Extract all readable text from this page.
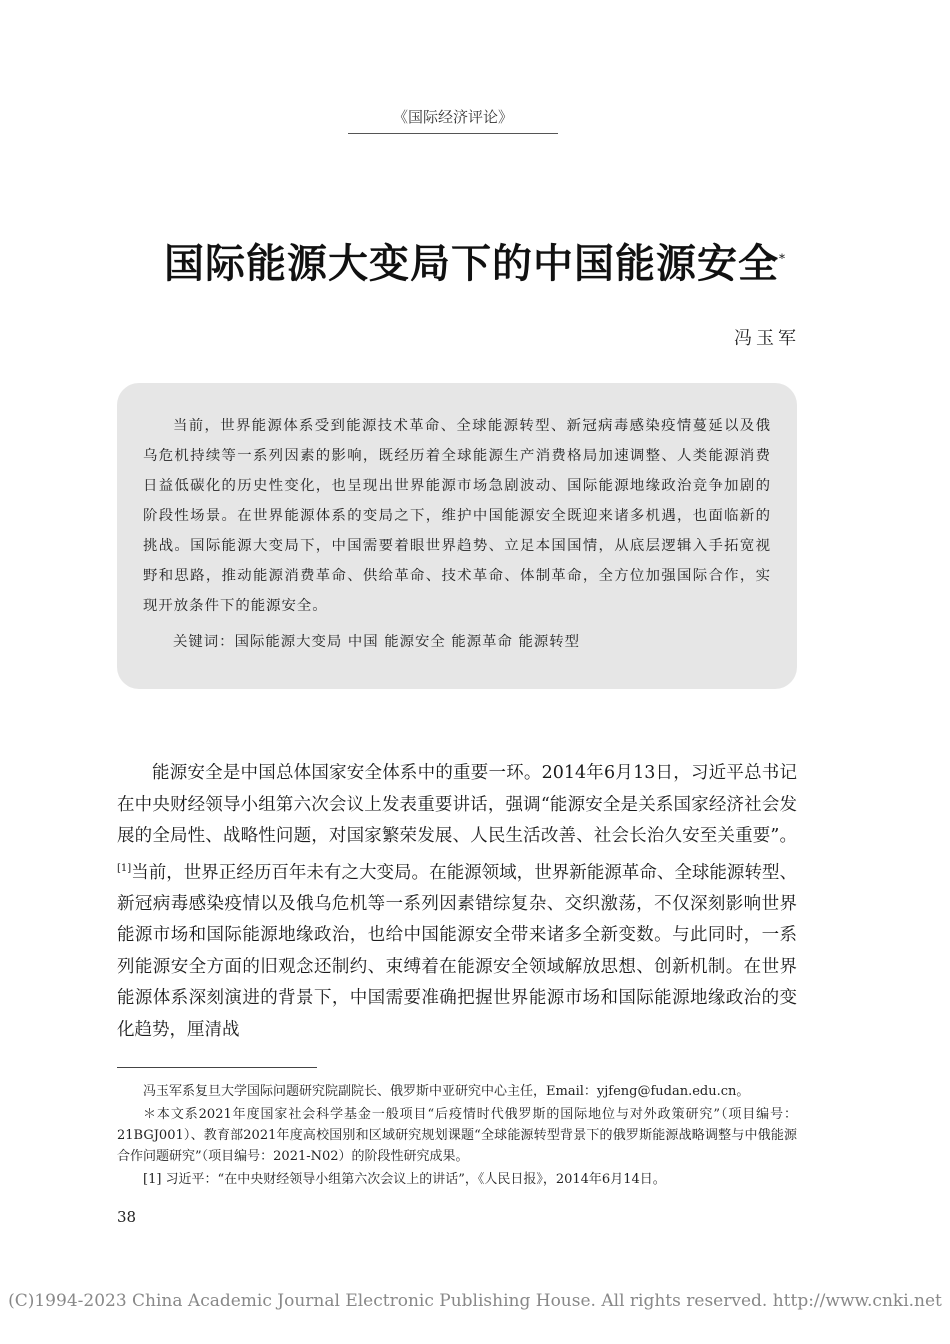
《国际经济评论》
国际能源大变局下的中国能源安全*
冯玉军

当前，世界能源体系受到能源技术革命、全球能源转型、新冠病毒感染疫情蔓延以及俄乌危机持续等一系列因素的影响，既经历着全球能源生产消费格局加速调整、人类能源消费日益低碳化的历史性变化，也呈现出世界能源市场急剧波动、国际能源地缘政治竞争加剧的阶段性场景。在世界能源体系的变局之下，维护中国能源安全既迎来诸多机遇，也面临新的挑战。国际能源大变局下，中国需要着眼世界趋势、立足本国国情，从底层逻辑入手拓宽视野和思路，推动能源消费革命、供给革命、技术革命、体制革命，全方位加强国际合作，实现开放条件下的能源安全。

关键词：国际能源大变局 中国 能源安全 能源革命 能源转型

能源安全是中国总体国家安全体系中的重要一环。2014年6月13日，习近平总书记在中央财经领导小组第六次会议上发表重要讲话，强调“能源安全是关系国家经济社会发展的全局性、战略性问题，对国家繁荣发展、人民生活改善、社会长治久安至关重要”。[1]当前，世界正经历百年未有之大变局。在能源领域，世界新能源革命、全球能源转型、新冠病毒感染疫情以及俄乌危机等一系列因素错综复杂、交织激荡，不仅深刻影响世界能源市场和国际能源地缘政治，也给中国能源安全带来诸多全新变数。与此同时，一系列能源安全方面的旧观念还制约、束缚着在能源安全领域解放思想、创新机制。在世界能源体系深刻演进的背景下，中国需要准确把握世界能源市场和国际能源地缘政治的变化趋势，厘清战

冯玉军系复旦大学国际问题研究院副院长、俄罗斯中亚研究中心主任，Email：yjfeng@fudan.edu.cn。

＊本文系2021年度国家社会科学基金一般项目“后疫情时代俄罗斯的国际地位与对外政策研究”（项目编号：21BGJ001）、教育部2021年度高校国别和区域研究规划课题“全球能源转型背景下的俄罗斯能源战略调整与中俄能源合作问题研究”（项目编号：2021-N02）的阶段性研究成果。

[1] 习近平：“在中央财经领导小组第六次会议上的讲话”，《人民日报》，2014年6月14日。

38
(C)1994-2023 China Academic Journal Electronic Publishing House. All rights reserved. http://www.cnki.net
